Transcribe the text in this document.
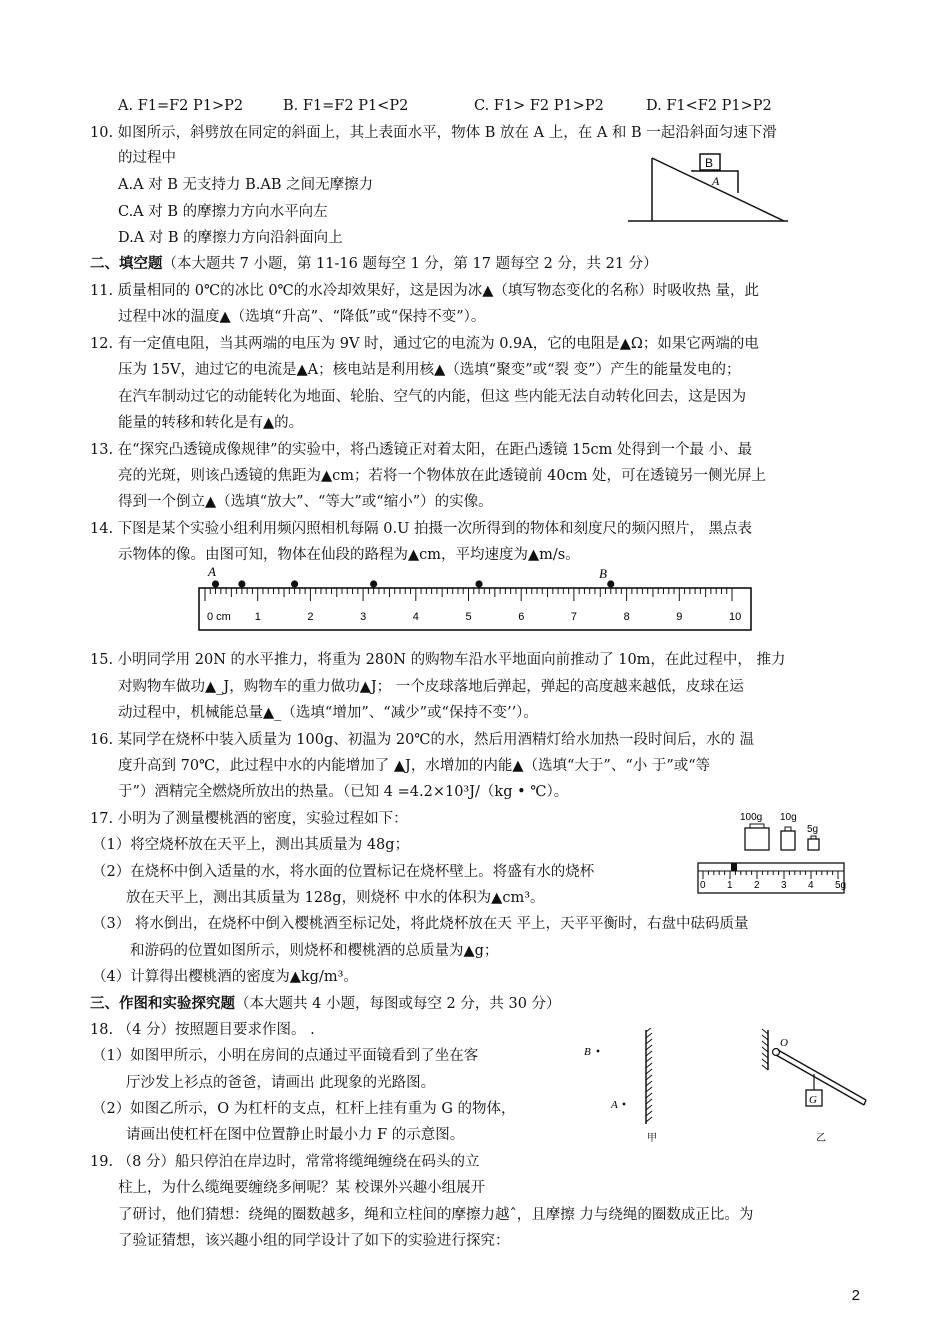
A. F1=F2 P1>P2	B. F1=F2 P1<P2	C. F1> F2 P1>P2	D. F1<F2 P1>P2
10. 如图所示，斜劈放在同定的斜面上，其上表面水平，物体 B 放在 A 上，在 A 和 B 一起沿斜面匀速下滑
的过程中
A.A 对 B 无支持力 B.AB 之间无摩擦力
C.A 对 B 的摩擦力方向水平向左
D.A 对 B 的摩擦力方向沿斜面向上
B
A
二、填空题（本大题共 7 小题，第 11-16 题每空 1 分，第 17 题每空 2 分，共 21 分）
11. 质量相同的 0℃的冰比 0℃的水冷却效果好，这是因为冰▲（填写物态变化的名称）时吸收热 量，此
过程中冰的温度▲（选填“升高”、“降低”或“保持不变”）。
12. 有一定值电阻，当其两端的电压为 9V 时，通过它的电流为 0.9A，它的电阻是▲Ω；如果它两端的电
压为 15V，迪过它的电流是▲A；核电站是利用核▲（选填“聚变”或“裂 变”）产生的能量发电的；
在汽车制动过它的动能转化为地面、轮胎、空气的内能，但这 些内能无法自动转化回去，这是因为
能量的转移和转化是有▲的。
13. 在“探究凸透镜成像规律”的实验中，将凸透镜正对着太阳，在距凸透镜 15cm 处得到一个最 小、最
亮的光斑，则该凸透镜的焦距为▲cm；若将一个物体放在此透镜前 40cm 处，可在透镜另一侧光屏上
得到一个倒立▲（选填“放大”、“等大”或“缩小”）的实像。
14. 下图是某个实验小组利用频闪照相机每隔 0.U 拍摄一次所得到的物体和刻度尺的频闪照片， 黑点表
示物体的像。由图可知，物体在仙段的路程为▲cm，平均速度为▲m/s。
A	B
0 cm 1	2	3	4	5	6	7	8	9	10
15. 小明同学用 20N 的水平推力，将重为 280N 的购物车沿水平地面向前推动了 10m，在此过程中， 推力
对购物车做功▲_J，购物车的重力做功▲J； 一个皮球落地后弹起，弹起的高度越来越低，皮球在运
动过程中，机械能总量▲_（选填“增加”、“减少”或“保持不变’’）。
16. 某同学在烧杯中装入质量为 100g、初温为 20℃的水，然后用酒精灯给水加热一段时间后，水的 温
度升高到 70℃，此过程中水的内能增加了 ▲J，水增加的内能▲（选填“大于”、“小 于”或“等
于”）酒精完全燃烧所放出的热量。（已知 4 =4.2×10³J/（kg • ℃）。
17. 小明为了测量樱桃酒的密度，实验过程如下：
（1）将空烧杯放在天平上，测出其质量为 48g；
（2）在烧杯中倒入适量的水，将水面的位置标记在烧杯壁上。将盛有水的烧杯
放在天平上，测出其质量为 128g，则烧杯 中水的体积为▲cm³。
（3） 将水倒出，在烧杯中倒入樱桃酒至标记处，将此烧杯放在天 平上，天平平衡时，右盘中砝码质量
和游码的位置如图所示，则烧杯和樱桃酒的总质量为▲g；
（4）计算得出樱桃酒的密度为▲kg/m³。
100g 10g
5g
0 1 2 3 4 5g
三、作图和实验探究题（本大题共 4 小题，每图或每空 2 分，共 30 分）
18. （4 分）按照题目要求作图。 .
（1）如图甲所示，小明在房间的点通过平面镜看到了坐在客
厅沙发上衫点的爸爸，请画出 此现象的光路图。
（2）如图乙所示，O 为杠杆的支点，杠杆上挂有重为 G 的物体，
请画出使杠杆在图中位置静止时最小力 F 的示意图。
B
A
甲
O
G
乙
19. （8 分）船只停泊在岸边时，常常将缆绳缠绕在码头的立
柱上，为什么缆绳要缠绕多闸呢？某 校课外兴趣小组展开
了研讨，他们猜想：绕绳的圈数越多，绳和立柱间的摩擦力越ˆ，且摩擦 力与绕绳的圈数成正比。为
了验证猜想，该兴趣小组的同学设计了如下的实验进行探究：
2
